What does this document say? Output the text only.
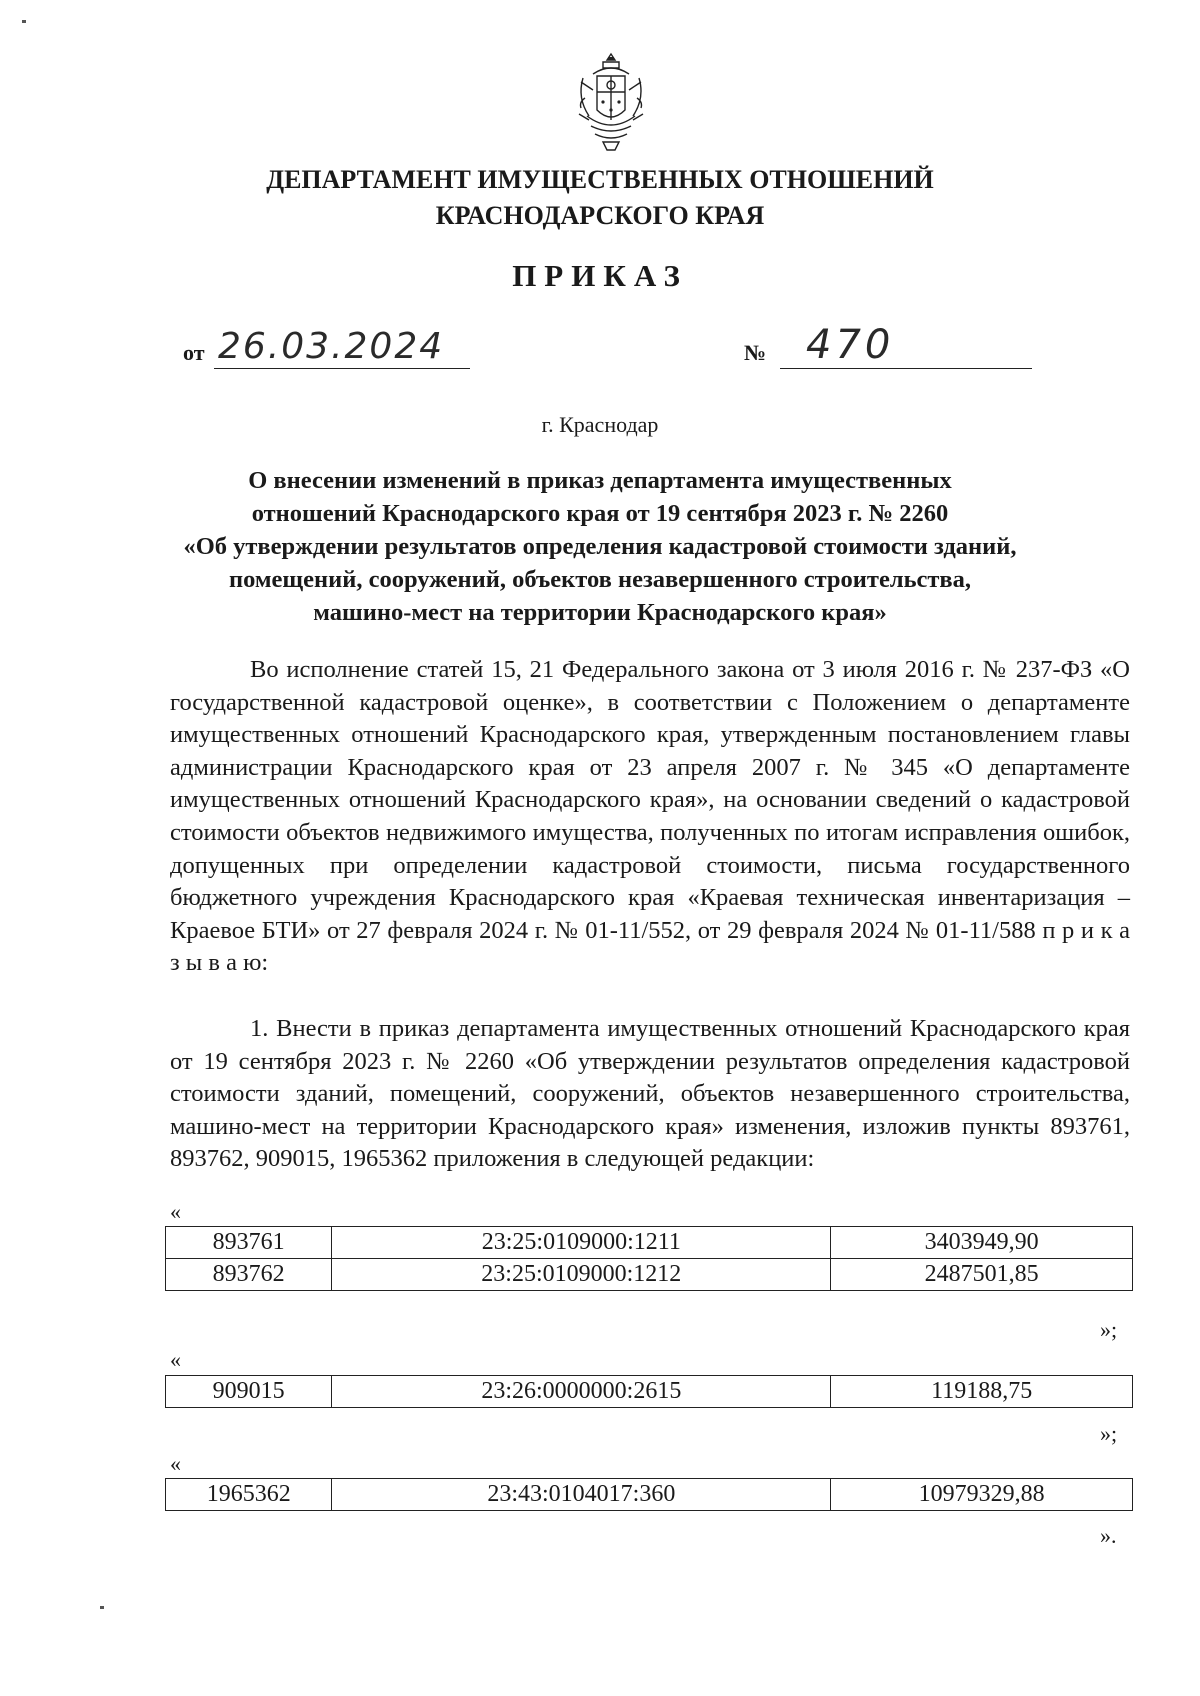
ДЕПАРТАМЕНТ ИМУЩЕСТВЕННЫХ ОТНОШЕНИЙ
КРАСНОДАРСКОГО КРАЯ
ПРИКАЗ
от 26.03.2024	№ 470
г. Краснодар
О внесении изменений в приказ департамента имущественных
отношений Краснодарского края от 19 сентября 2023 г. № 2260
«Об утверждении результатов определения кадастровой стоимости зданий,
помещений, сооружений, объектов незавершенного строительства,
машино-мест на территории Краснодарского края»
Во исполнение статей 15, 21 Федерального закона от 3 июля 2016 г. № 237-ФЗ «О государственной кадастровой оценке», в соответствии с Положением о департаменте имущественных отношений Краснодарского края, утвержденным постановлением главы администрации Краснодарского края от 23 апреля 2007 г. № 345 «О департаменте имущественных отношений Краснодарского края», на основании сведений о кадастровой стоимости объектов недвижимого имущества, полученных по итогам исправления ошибок, допущенных при определении кадастровой стоимости, письма государственного бюджетного учреждения Краснодарского края «Краевая техническая инвентаризация – Краевое БТИ» от 27 февраля 2024 г. № 01-11/552, от 29 февраля 2024 № 01-11/588 п р и к а з ы в а ю:
1. Внести в приказ департамента имущественных отношений Краснодарского края от 19 сентября 2023 г. № 2260 «Об утверждении результатов определения кадастровой стоимости зданий, помещений, сооружений, объектов незавершенного строительства, машино-мест на территории Краснодарского края» изменения, изложив пункты 893761, 893762, 909015, 1965362 приложения в следующей редакции:
«
893761	23:25:0109000:1211	3403949,90
893762	23:25:0109000:1212	2487501,85
»;
«
909015	23:26:0000000:2615	119188,75
»;
«
1965362	23:43:0104017:360	10979329,88
».
